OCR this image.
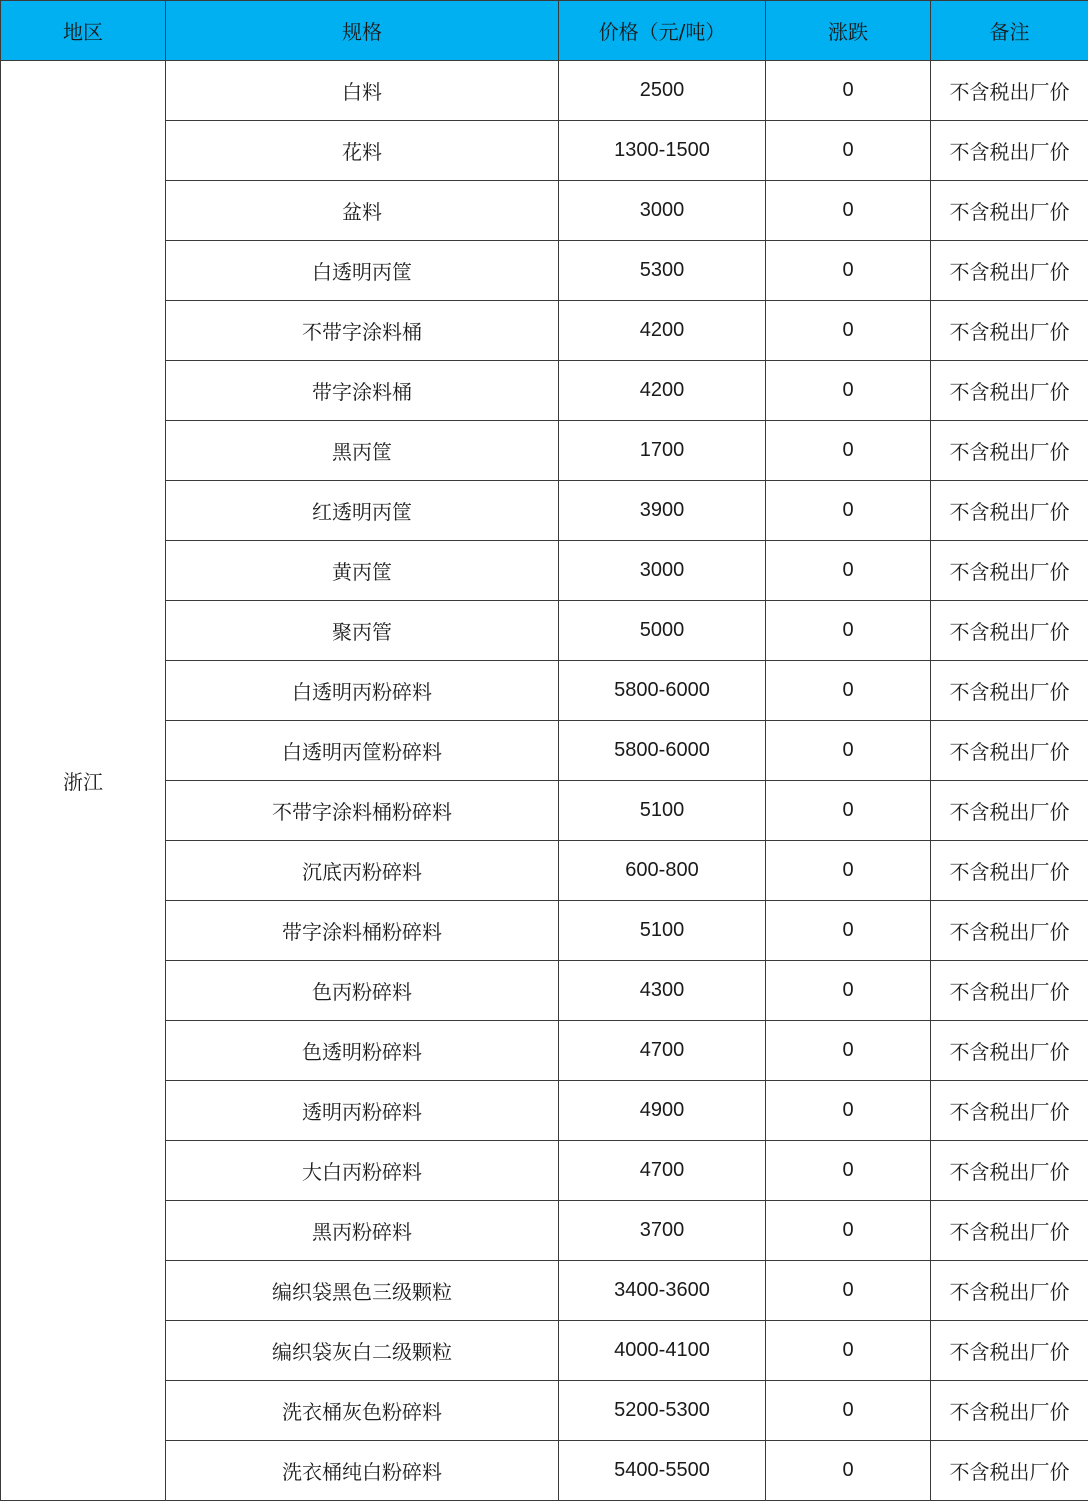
地区	规格	价格（元/吨）	涨跌	备注
浙江	白料	2500	0	不含税出厂价
	花料	1300-1500	0	不含税出厂价
	盆料	3000	0	不含税出厂价
	白透明丙筐	5300	0	不含税出厂价
	不带字涂料桶	4200	0	不含税出厂价
	带字涂料桶	4200	0	不含税出厂价
	黑丙筐	1700	0	不含税出厂价
	红透明丙筐	3900	0	不含税出厂价
	黄丙筐	3000	0	不含税出厂价
	聚丙管	5000	0	不含税出厂价
	白透明丙粉碎料	5800-6000	0	不含税出厂价
	白透明丙筐粉碎料	5800-6000	0	不含税出厂价
	不带字涂料桶粉碎料	5100	0	不含税出厂价
	沉底丙粉碎料	600-800	0	不含税出厂价
	带字涂料桶粉碎料	5100	0	不含税出厂价
	色丙粉碎料	4300	0	不含税出厂价
	色透明粉碎料	4700	0	不含税出厂价
	透明丙粉碎料	4900	0	不含税出厂价
	大白丙粉碎料	4700	0	不含税出厂价
	黑丙粉碎料	3700	0	不含税出厂价
	编织袋黑色三级颗粒	3400-3600	0	不含税出厂价
	编织袋灰白二级颗粒	4000-4100	0	不含税出厂价
	洗衣桶灰色粉碎料	5200-5300	0	不含税出厂价
	洗衣桶纯白粉碎料	5400-5500	0	不含税出厂价
